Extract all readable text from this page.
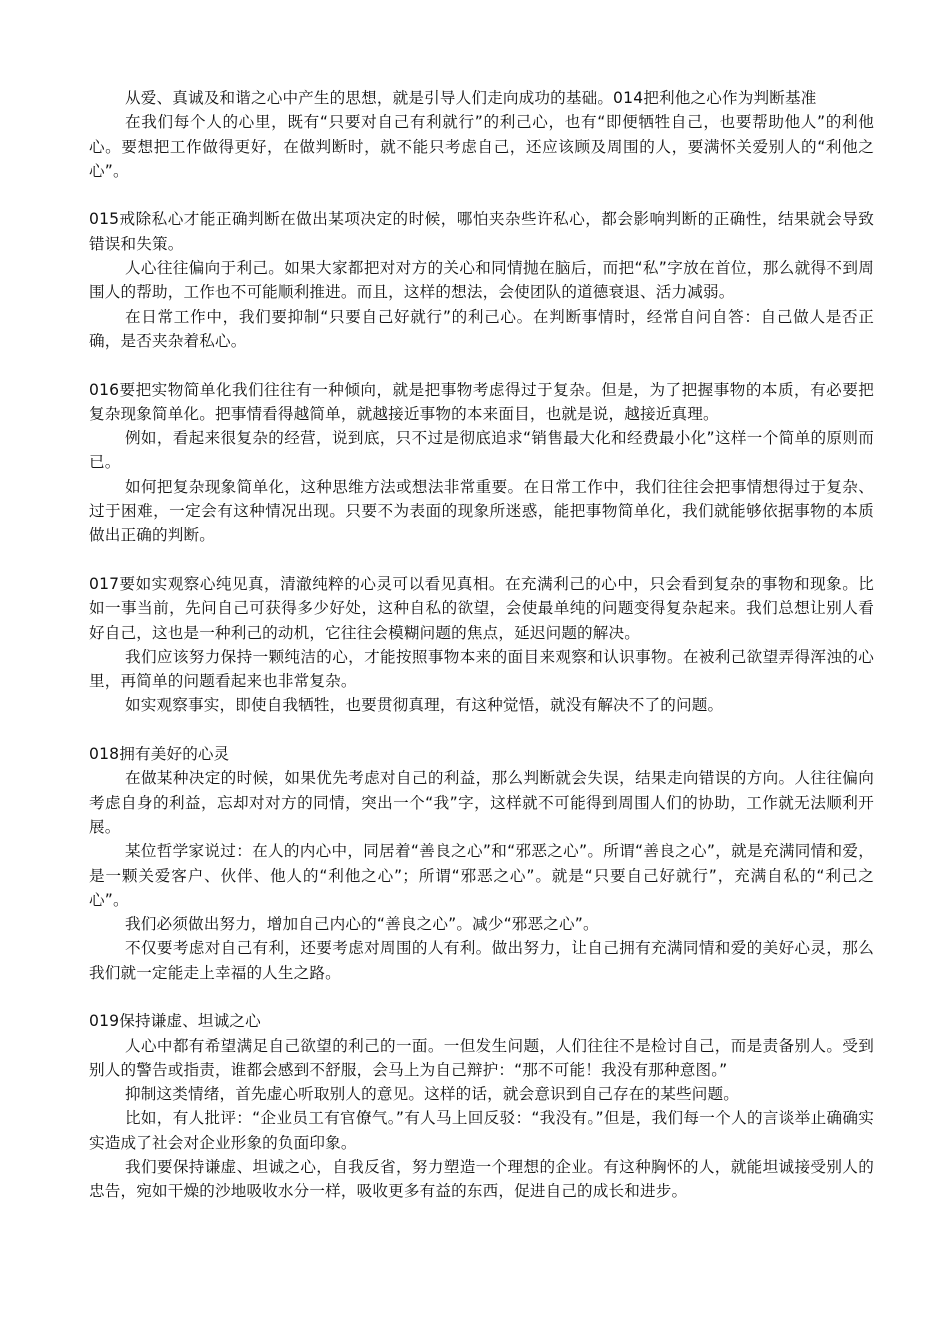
从爱、真诚及和谐之心中产生的思想，就是引导人们走向成功的基础。014把利他之心作为判断基准

在我们每个人的心里，既有“只要对自己有利就行”的利己心，也有“即便牺牲自己，也要帮助他人”的利他心。要想把工作做得更好，在做判断时，就不能只考虑自己，还应该顾及周围的人，要满怀关爱别人的“利他之心”。

015戒除私心才能正确判断在做出某项决定的时候，哪怕夹杂些许私心，都会影响判断的正确性，结果就会导致错误和失策。

人心往往偏向于利己。如果大家都把对对方的关心和同情抛在脑后，而把“私”字放在首位，那么就得不到周围人的帮助，工作也不可能顺利推进。而且，这样的想法，会使团队的道德衰退、活力减弱。

在日常工作中，我们要抑制“只要自己好就行”的利己心。在判断事情时，经常自问自答：自己做人是否正确，是否夹杂着私心。

016要把实物简单化我们往往有一种倾向，就是把事物考虑得过于复杂。但是，为了把握事物的本质，有必要把复杂现象简单化。把事情看得越简单，就越接近事物的本来面目，也就是说，越接近真理。

例如，看起来很复杂的经营，说到底，只不过是彻底追求“销售最大化和经费最小化”这样一个简单的原则而已。

如何把复杂现象简单化，这种思维方法或想法非常重要。在日常工作中，我们往往会把事情想得过于复杂、过于困难，一定会有这种情况出现。只要不为表面的现象所迷惑，能把事物简单化，我们就能够依据事物的本质做出正确的判断。

017要如实观察心纯见真，清澈纯粹的心灵可以看见真相。在充满利己的心中，只会看到复杂的事物和现象。比如一事当前，先问自己可获得多少好处，这种自私的欲望，会使最单纯的问题变得复杂起来。我们总想让别人看好自己，这也是一种利己的动机，它往往会模糊问题的焦点，延迟问题的解决。

我们应该努力保持一颗纯洁的心，才能按照事物本来的面目来观察和认识事物。在被利己欲望弄得浑浊的心里，再简单的问题看起来也非常复杂。

如实观察事实，即使自我牺牲，也要贯彻真理，有这种觉悟，就没有解决不了的问题。

018拥有美好的心灵

在做某种决定的时候，如果优先考虑对自己的利益，那么判断就会失误，结果走向错误的方向。人往往偏向考虑自身的利益，忘却对对方的同情，突出一个“我”字，这样就不可能得到周围人们的协助，工作就无法顺利开展。

某位哲学家说过：在人的内心中，同居着“善良之心”和“邪恶之心”。所谓“善良之心”，就是充满同情和爱，是一颗关爱客户、伙伴、他人的“利他之心”；所谓“邪恶之心”。就是“只要自己好就行”，充满自私的“利己之心”。

我们必须做出努力，增加自己内心的“善良之心”。减少“邪恶之心”。

不仅要考虑对自己有利，还要考虑对周围的人有利。做出努力，让自己拥有充满同情和爱的美好心灵，那么我们就一定能走上幸福的人生之路。

019保持谦虚、坦诚之心

人心中都有希望满足自己欲望的利己的一面。一但发生问题，人们往往不是检讨自己，而是责备别人。受到别人的警告或指责，谁都会感到不舒服，会马上为自己辩护：“那不可能！我没有那种意图。”

抑制这类情绪，首先虚心听取别人的意见。这样的话，就会意识到自己存在的某些问题。

比如，有人批评：“企业员工有官僚气。”有人马上回反驳：“我没有。”但是，我们每一个人的言谈举止确确实实造成了社会对企业形象的负面印象。

我们要保持谦虚、坦诚之心，自我反省，努力塑造一个理想的企业。有这种胸怀的人，就能坦诚接受别人的忠告，宛如干燥的沙地吸收水分一样，吸收更多有益的东西，促进自己的成长和进步。
